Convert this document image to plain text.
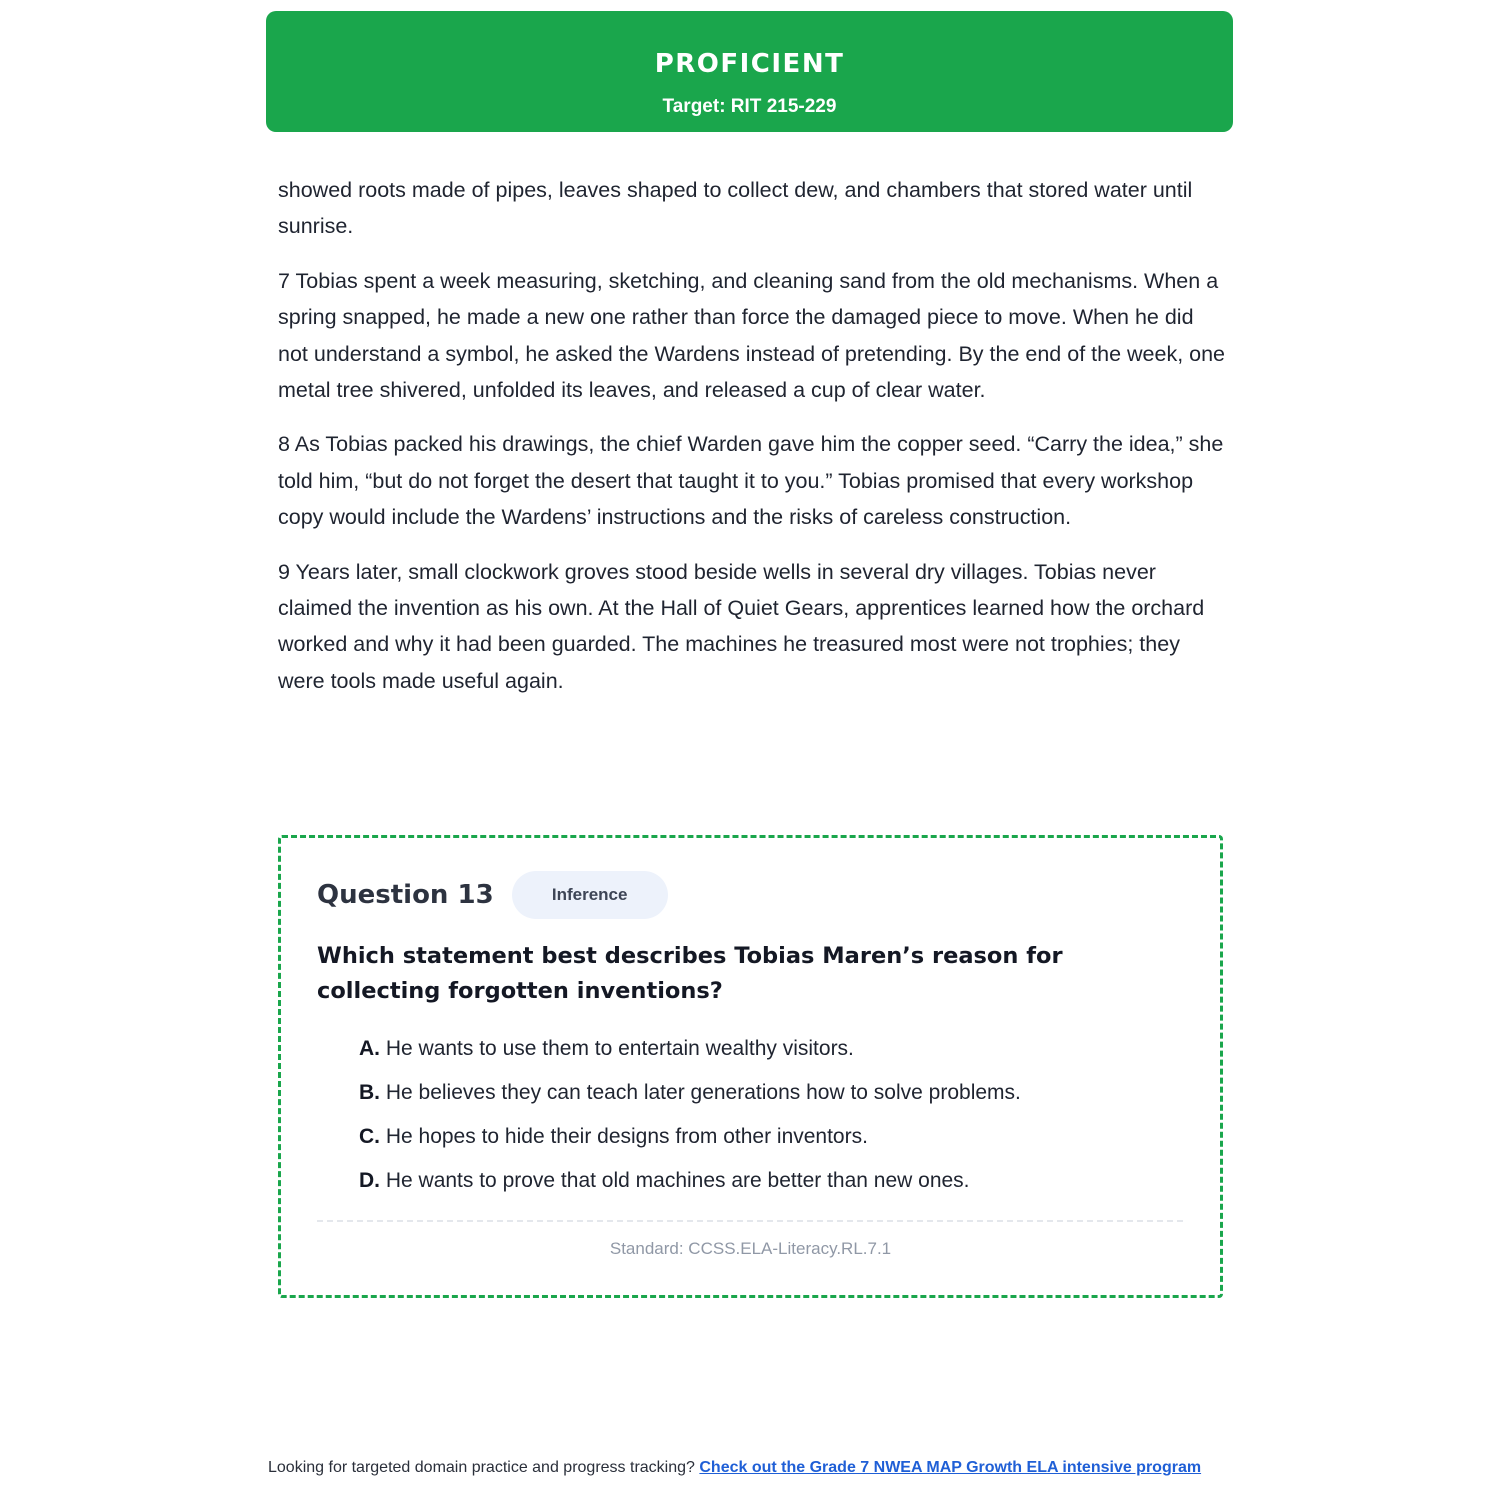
PROFICIENT
Target: RIT 215-229

showed roots made of pipes, leaves shaped to collect dew, and chambers that stored water until sunrise.

7 Tobias spent a week measuring, sketching, and cleaning sand from the old mechanisms. When a spring snapped, he made a new one rather than force the damaged piece to move. When he did not understand a symbol, he asked the Wardens instead of pretending. By the end of the week, one metal tree shivered, unfolded its leaves, and released a cup of clear water.

8 As Tobias packed his drawings, the chief Warden gave him the copper seed. “Carry the idea,” she told him, “but do not forget the desert that taught it to you.” Tobias promised that every workshop copy would include the Wardens’ instructions and the risks of careless construction.

9 Years later, small clockwork groves stood beside wells in several dry villages. Tobias never claimed the invention as his own. At the Hall of Quiet Gears, apprentices learned how the orchard worked and why it had been guarded. The machines he treasured most were not trophies; they were tools made useful again.

Question 13	Inference
Which statement best describes Tobias Maren’s reason for collecting forgotten inventions?
A. He wants to use them to entertain wealthy visitors.
B. He believes they can teach later generations how to solve problems.
C. He hopes to hide their designs from other inventors.
D. He wants to prove that old machines are better than new ones.
Standard: CCSS.ELA-Literacy.RL.7.1
Looking for targeted domain practice and progress tracking? Check out the Grade 7 NWEA MAP Growth ELA intensive program
